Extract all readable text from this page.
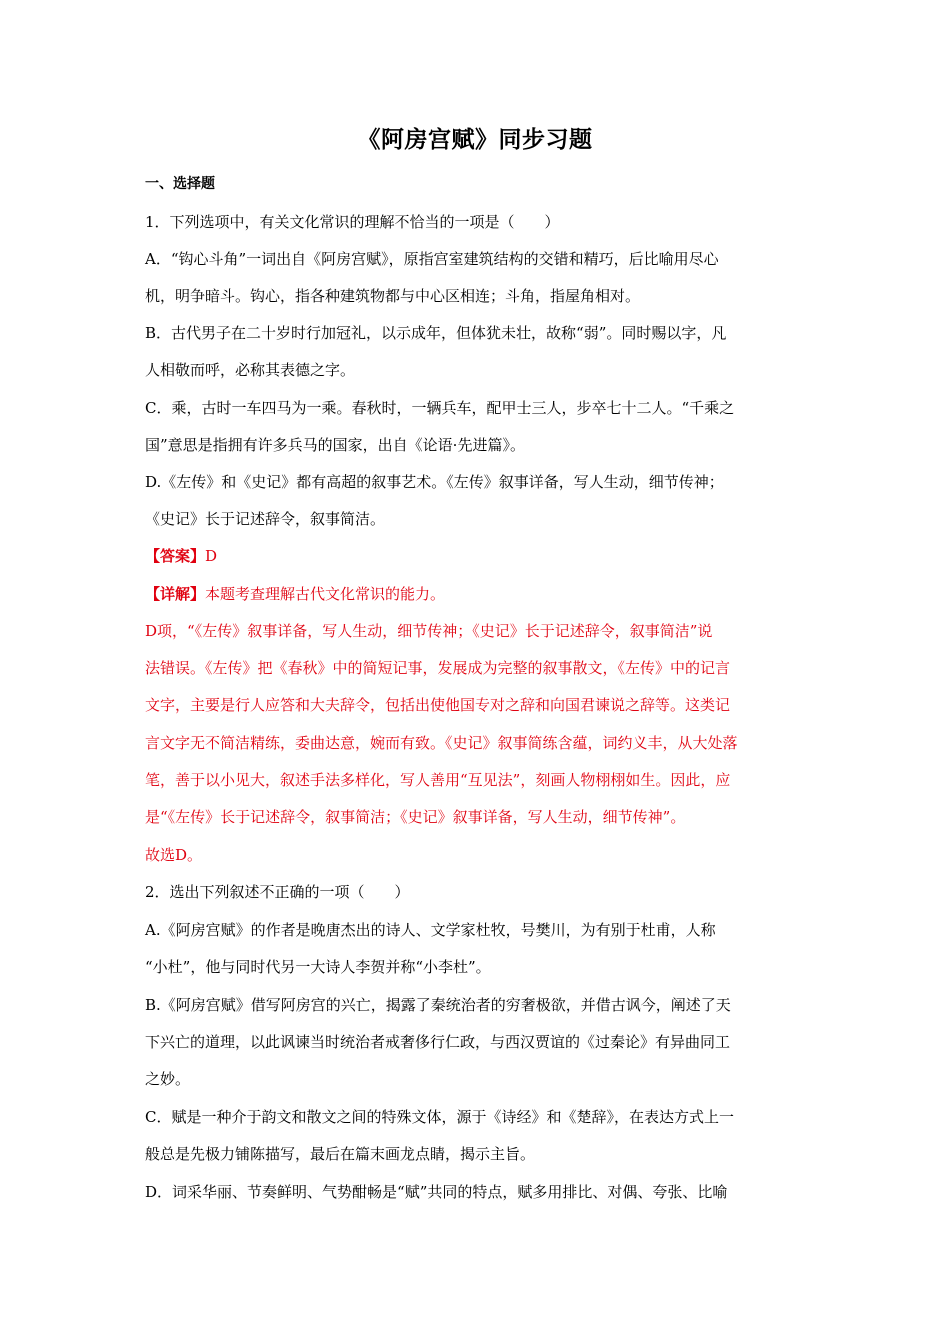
《阿房宫赋》同步习题
一、选择题
1．下列选项中，有关文化常识的理解不恰当的一项是（　　）
A．“钩心斗角”一词出自《阿房宫赋》，原指宫室建筑结构的交错和精巧，后比喻用尽心
机，明争暗斗。钩心，指各种建筑物都与中心区相连；斗角，指屋角相对。
B．古代男子在二十岁时行加冠礼，以示成年，但体犹未壮，故称“弱”。同时赐以字，凡
人相敬而呼，必称其表德之字。
C．乘，古时一车四马为一乘。春秋时，一辆兵车，配甲士三人，步卒七十二人。“千乘之
国”意思是指拥有许多兵马的国家，出自《论语·先进篇》。
D.《左传》和《史记》都有高超的叙事艺术。《左传》叙事详备，写人生动，细节传神；
《史记》长于记述辞令，叙事简洁。
【答案】D
【详解】本题考查理解古代文化常识的能力。
D项，“《左传》叙事详备，写人生动，细节传神；《史记》长于记述辞令，叙事简洁”说
法错误。《左传》把《春秋》中的简短记事，发展成为完整的叙事散文，《左传》中的记言
文字，主要是行人应答和大夫辞令，包括出使他国专对之辞和向国君谏说之辞等。这类记
言文字无不简洁精练，委曲达意，婉而有致。《史记》叙事简练含蕴，词约义丰，从大处落
笔，善于以小见大，叙述手法多样化，写人善用“互见法”，刻画人物栩栩如生。因此，应
是“《左传》长于记述辞令，叙事简洁；《史记》叙事详备，写人生动，细节传神”。
故选D。
2．选出下列叙述不正确的一项（　　）
A.《阿房宫赋》的作者是晚唐杰出的诗人、文学家杜牧，号樊川，为有别于杜甫，人称
“小杜”，他与同时代另一大诗人李贺并称“小李杜”。
B.《阿房宫赋》借写阿房宫的兴亡，揭露了秦统治者的穷奢极欲，并借古讽今，阐述了天
下兴亡的道理，以此讽谏当时统治者戒奢侈行仁政，与西汉贾谊的《过秦论》有异曲同工
之妙。
C．赋是一种介于韵文和散文之间的特殊文体，源于《诗经》和《楚辞》，在表达方式上一
般总是先极力铺陈描写，最后在篇末画龙点睛，揭示主旨。
D．词采华丽、节奏鲜明、气势酣畅是“赋”共同的特点，赋多用排比、对偶、夸张、比喻
